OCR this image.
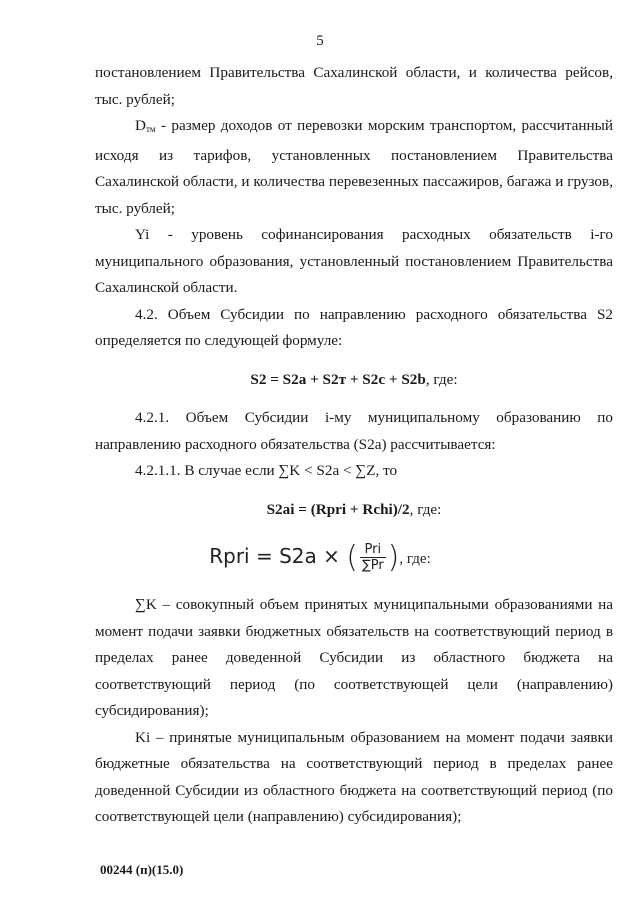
5

постановлением Правительства Сахалинской области, и количества рейсов, тыс. рублей;

$D_{тм}$ - размер доходов от перевозки морским транспортом, рассчитанный исходя из тарифов, установленных постановлением Правительства Сахалинской области, и количества перевезенных пассажиров, багажа и грузов, тыс. рублей;

Yi - уровень софинансирования расходных обязательств i-го муниципального образования, установленный постановлением Правительства Сахалинской области.

4.2. Объем Субсидии по направлению расходного обязательства S2 определяется по следующей формуле:

S2 = S2a + S2т + S2c + S2b, где:

4.2.1. Объем Субсидии i-му муниципальному образованию по направлению расходного обязательства (S2a) рассчитывается:

4.2.1.1. В случае если ∑K < S2a < ∑Z, то

S2ai = (Rpri + Rchi)/2, где:

Rpri = S2a × ( $\frac{\text{Pri}}{\sum Pr}$ ), где:

∑K – совокупный объем принятых муниципальными образованиями на момент подачи заявки бюджетных обязательств на соответствующий период в пределах ранее доведенной Субсидии из областного бюджета на соответствующий период (по соответствующей цели (направлению) субсидирования);

Ki – принятые муниципальным образованием на момент подачи заявки бюджетные обязательства на соответствующий период в пределах ранее доведенной Субсидии из областного бюджета на соответствующий период (по соответствующей цели (направлению) субсидирования);

00244 (п)(15.0)
